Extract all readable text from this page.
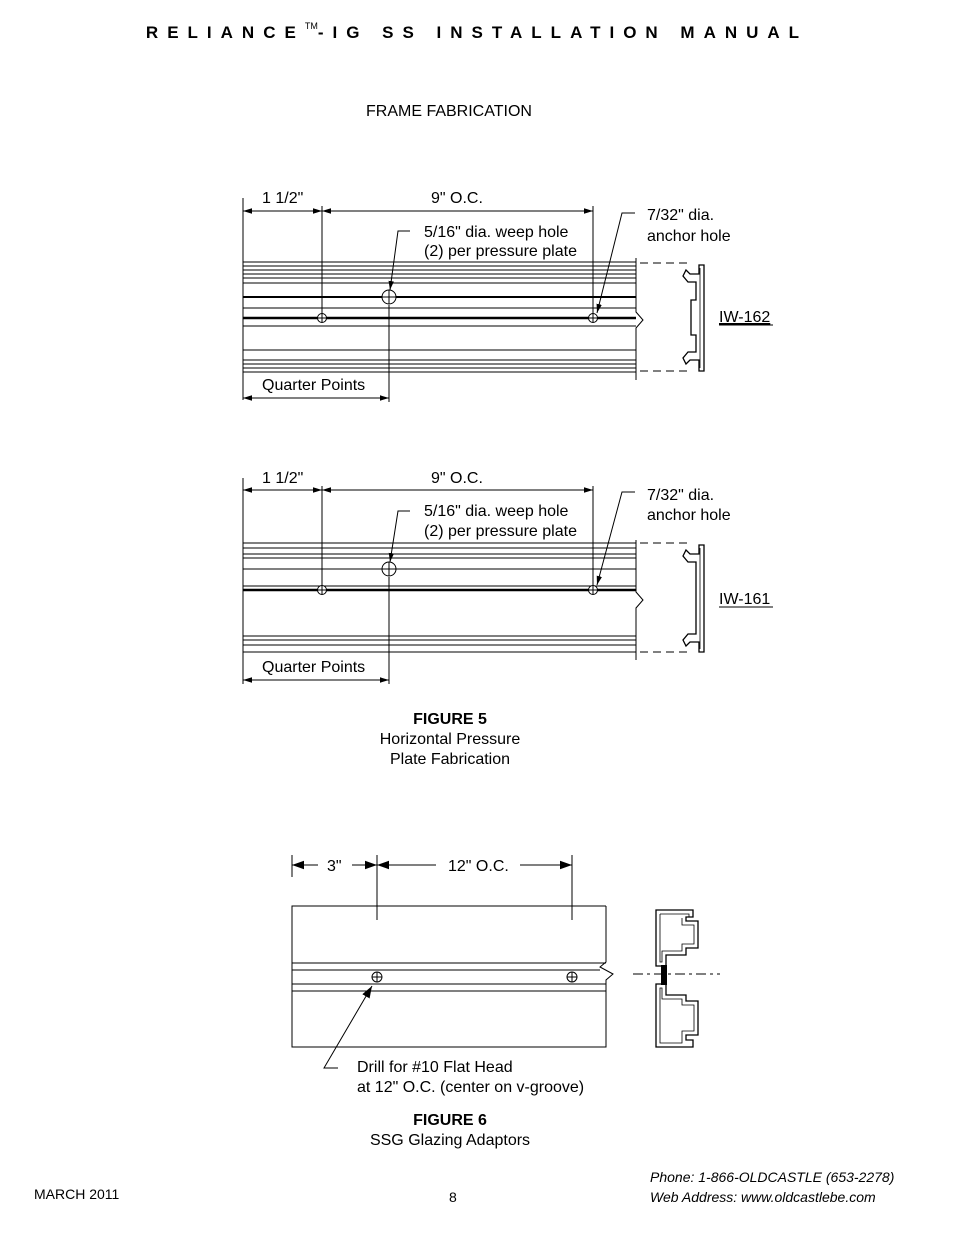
RELIANCE™-IG SS INSTALLATION MANUAL
FRAME FABRICATION
1 1/2"	9" O.C.
5/16" dia. weep hole
(2) per pressure plate
7/32" dia.
anchor hole
IW-162
Quarter Points
1 1/2"	9" O.C.
5/16" dia. weep hole
(2) per pressure plate
7/32" dia.
anchor hole
IW-161
Quarter Points
3"	12" O.C.
Drill for #10 Flat Head
at 12" O.C. (center on v-groove)
FIGURE 5
Horizontal Pressure
Plate Fabrication
FIGURE 6
SSG Glazing Adaptors
MARCH 2011	8
Phone: 1-866-OLDCASTLE (653-2278)
Web Address: www.oldcastlebe.com
